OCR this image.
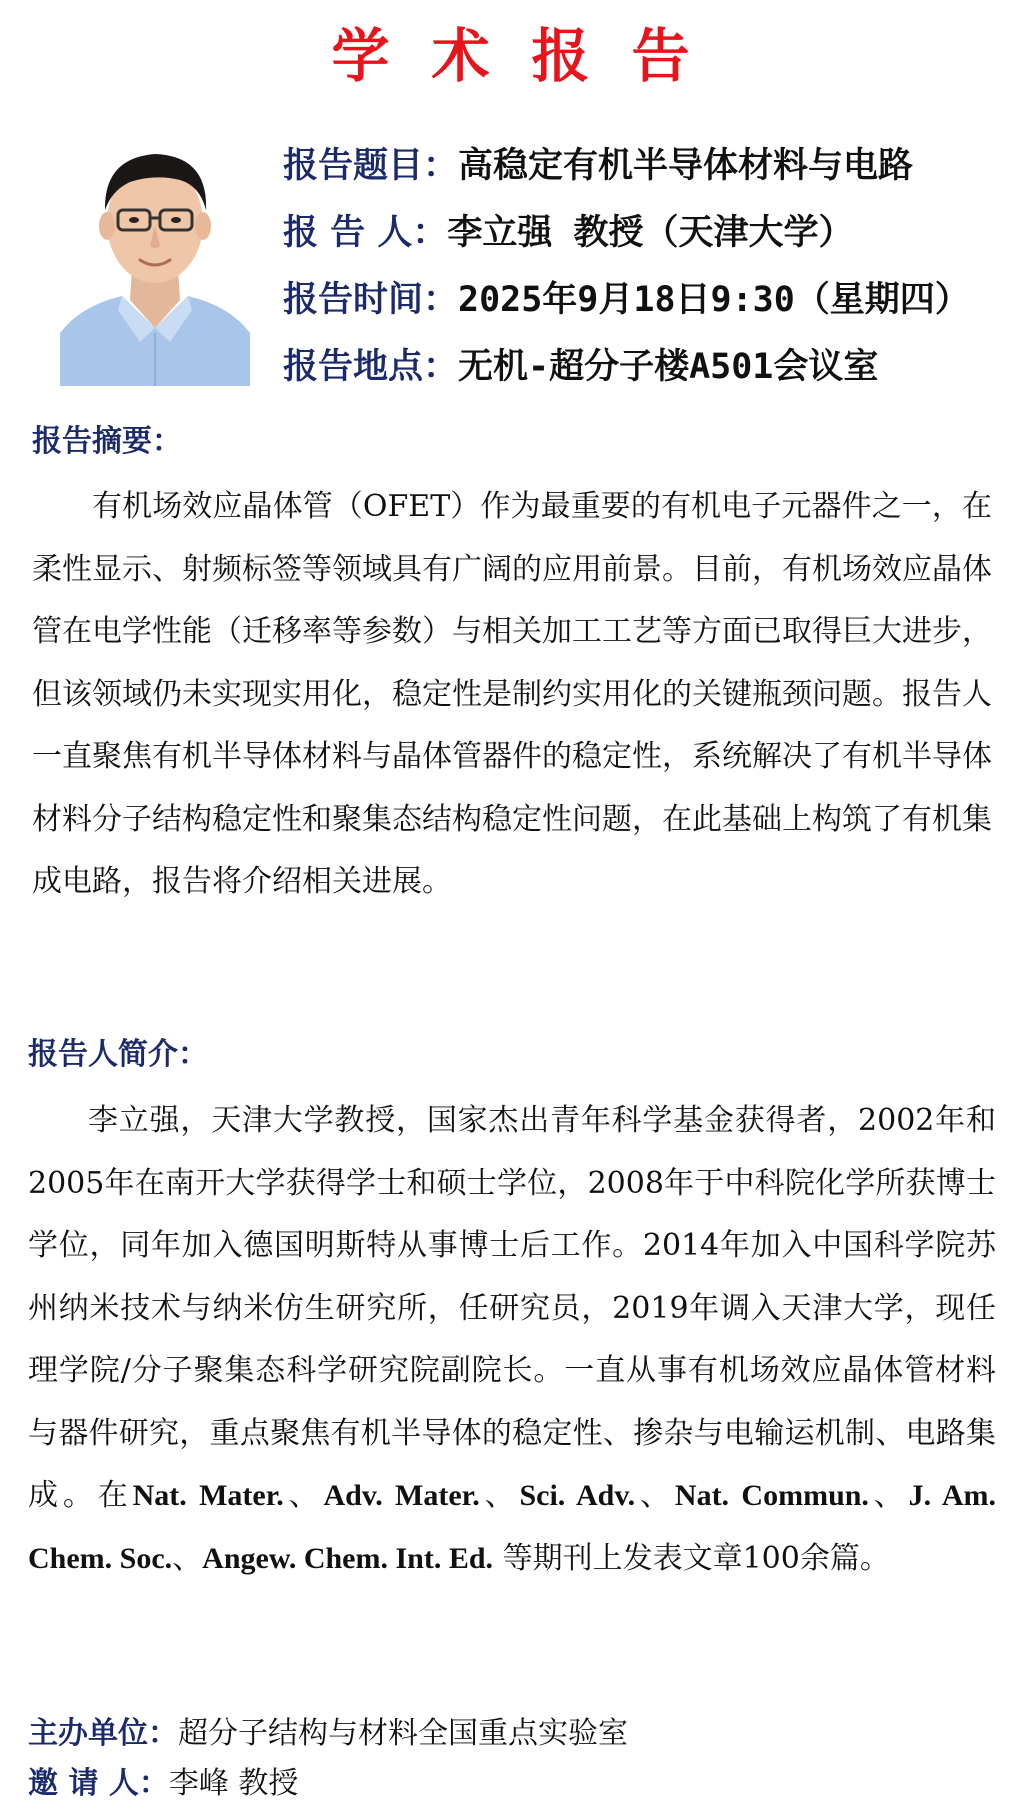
学术报告
报告题目：高稳定有机半导体材料与电路
报 告 人：李立强 教授（天津大学）
报告时间：2025年9月18日9:30（星期四）
报告地点：无机-超分子楼A501会议室
报告摘要：
有机场效应晶体管（OFET）作为最重要的有机电子元器件之一，在柔性显示、射频标签等领域具有广阔的应用前景。目前，有机场效应晶体管在电学性能（迁移率等参数）与相关加工工艺等方面已取得巨大进步，但该领域仍未实现实用化，稳定性是制约实用化的关键瓶颈问题。报告人一直聚焦有机半导体材料与晶体管器件的稳定性，系统解决了有机半导体材料分子结构稳定性和聚集态结构稳定性问题，在此基础上构筑了有机集成电路，报告将介绍相关进展。
报告人简介：
李立强，天津大学教授，国家杰出青年科学基金获得者，2002年和2005年在南开大学获得学士和硕士学位，2008年于中科院化学所获博士学位，同年加入德国明斯特从事博士后工作。2014年加入中国科学院苏州纳米技术与纳米仿生研究所，任研究员，2019年调入天津大学，现任理学院/分子聚集态科学研究院副院长。一直从事有机场效应晶体管材料与器件研究，重点聚焦有机半导体的稳定性、掺杂与电输运机制、电路集成。在Nat. Mater.、Adv. Mater.、Sci. Adv.、Nat. Commun.、J. Am. Chem. Soc.、Angew. Chem. Int. Ed. 等期刊上发表文章100余篇。
主办单位：超分子结构与材料全国重点实验室
邀 请 人：李峰 教授
